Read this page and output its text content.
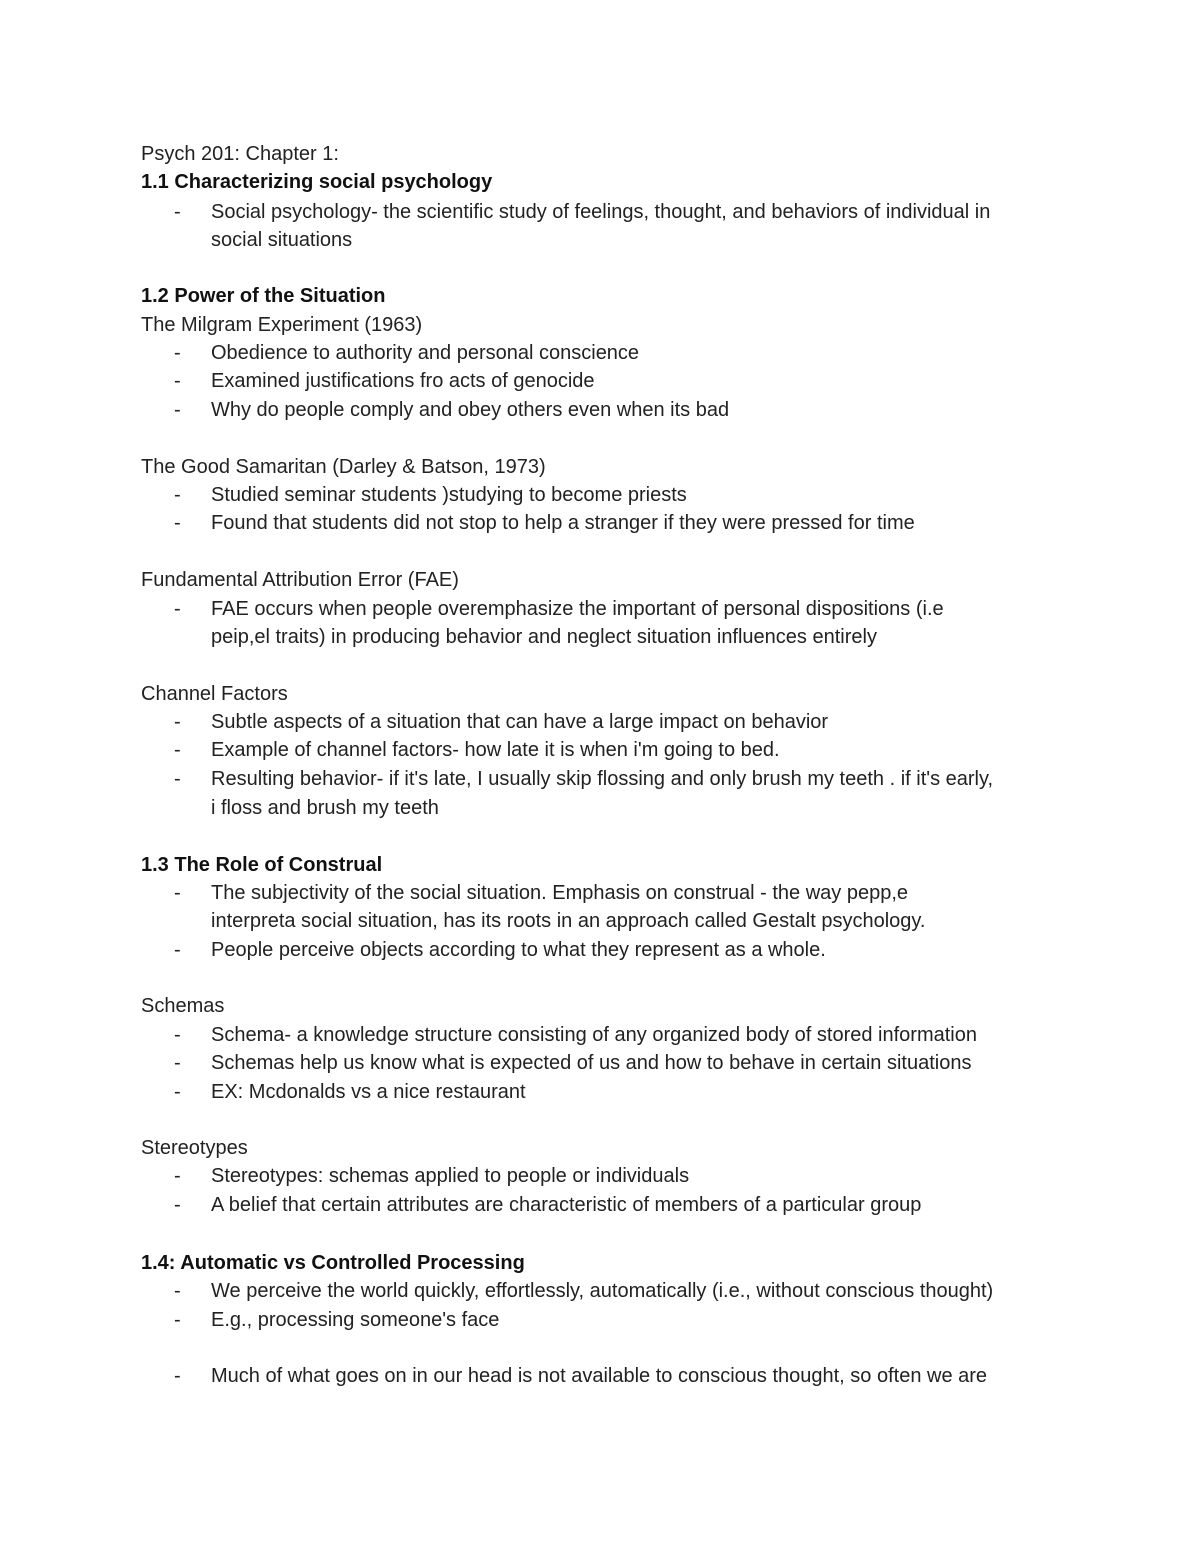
Psych 201: Chapter 1:
1.1 Characterizing social psychology
- Social psychology- the scientific study of feelings, thought, and behaviors of individual in
social situations
1.2 Power of the Situation
The Milgram Experiment (1963)
- Obedience to authority and personal conscience
- Examined justifications fro acts of genocide
- Why do people comply and obey others even when its bad
The Good Samaritan (Darley & Batson, 1973)
- Studied seminar students )studying to become priests
- Found that students did not stop to help a stranger if they were pressed for time
Fundamental Attribution Error (FAE)
- FAE occurs when people overemphasize the important of personal dispositions (i.e
peip,el traits) in producing behavior and neglect situation influences entirely
Channel Factors
- Subtle aspects of a situation that can have a large impact on behavior
- Example of channel factors- how late it is when i'm going to bed.
- Resulting behavior- if it's late, I usually skip flossing and only brush my teeth . if it's early,
i floss and brush my teeth
1.3 The Role of Construal
- The subjectivity of the social situation. Emphasis on construal - the way pepp,e
interpreta social situation, has its roots in an approach called Gestalt psychology.
- People perceive objects according to what they represent as a whole.
Schemas
- Schema- a knowledge structure consisting of any organized body of stored information
- Schemas help us know what is expected of us and how to behave in certain situations
- EX: Mcdonalds vs a nice restaurant
Stereotypes
- Stereotypes: schemas applied to people or individuals
- A belief that certain attributes are characteristic of members of a particular group
1.4: Automatic vs Controlled Processing
- We perceive the world quickly, effortlessly, automatically (i.e., without conscious thought)
- E.g., processing someone's face
- Much of what goes on in our head is not available to conscious thought, so often we are
